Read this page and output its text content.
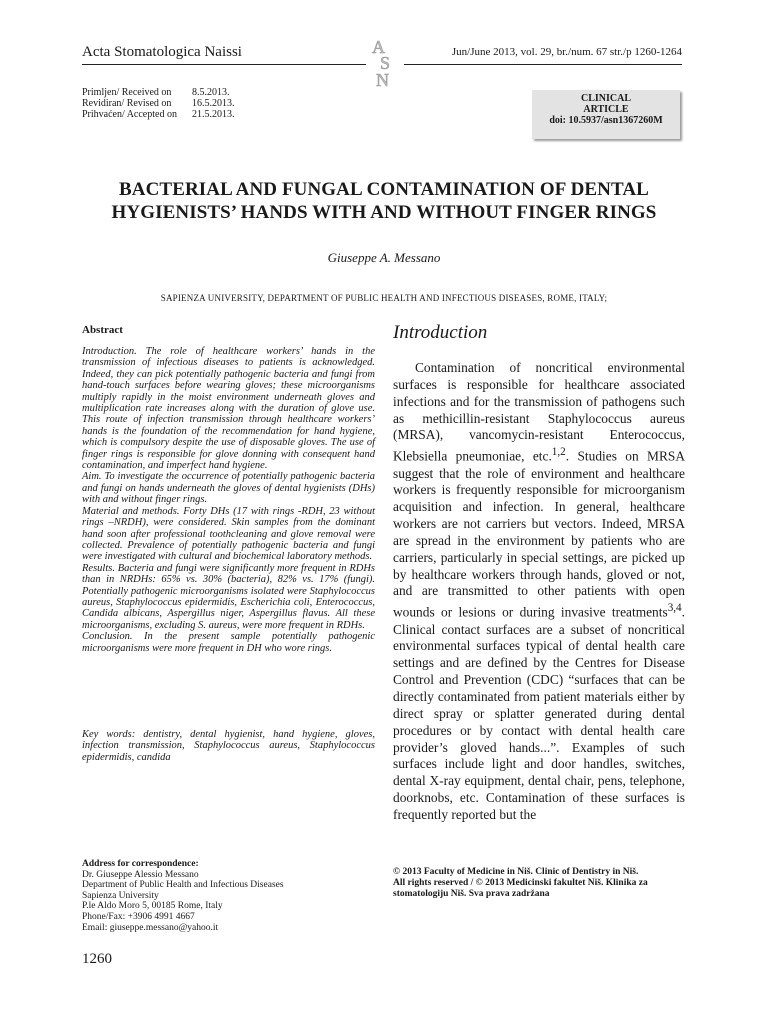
Acta Stomatologica Naissi	A
S
N
Jun/June 2013, vol. 29, br./num. 67 str./p 1260-1264
Primljen/ Received on 8.5.2013.
Revidiran/ Revised on 16.5.2013.
Prihvaćen/ Accepted on 21.5.2013.
CLINICAL
ARTICLE
doi: 10.5937/asn1367260M
BACTERIAL AND FUNGAL CONTAMINATION OF DENTAL
HYGIENISTS’ HANDS WITH AND WITHOUT FINGER RINGS
Giuseppe A. Messano
SAPIENZA UNIVERSITY, DEPARTMENT OF PUBLIC HEALTH AND INFECTIOUS DISEASES, ROME, ITALY;
Abstract

Introduction. The role of healthcare workers’ hands in the transmission of infectious diseases to patients is acknowledged. Indeed, they can pick potentially pathogenic bacteria and fungi from hand-touch surfaces before wearing gloves; these microorganisms multiply rapidly in the moist environment underneath gloves and multiplication rate increases along with the duration of glove use. This route of infection transmission through healthcare workers’ hands is the foundation of the recommendation for hand hygiene, which is compulsory despite the use of disposable gloves. The use of finger rings is responsible for glove donning with consequent hand contamination, and imperfect hand hygiene.

Aim. To investigate the occurrence of potentially pathogenic bacteria and fungi on hands underneath the gloves of dental hygienists (DHs) with and without finger rings.

Material and methods. Forty DHs (17 with rings -RDH, 23 without rings –NRDH), were considered. Skin samples from the dominant hand soon after professional toothcleaning and glove removal were collected. Prevalence of potentially pathogenic bacteria and fungi were investigated with cultural and biochemical laboratory methods.

Results. Bacteria and fungi were significantly more frequent in RDHs than in NRDHs: 65% vs. 30% (bacteria), 82% vs. 17% (fungi). Potentially pathogenic microorganisms isolated were Staphylococcus aureus, Staphylococcus epidermidis, Escherichia coli, Enterococcus, Candida albicans, Aspergillus niger, Aspergillus flavus. All these microorganisms, excluding S. aureus, were more frequent in RDHs.

Conclusion. In the present sample potentially pathogenic microorganisms were more frequent in DH who wore rings.

Key words: dentistry, dental hygienist, hand hygiene, gloves, infection transmission, Staphylococcus aureus, Staphylococcus epidermidis, candida
Introduction
Contamination of noncritical environmental surfaces is responsible for healthcare associated infections and for the transmission of pathogens such as methicillin-resistant Staphylococcus aureus (MRSA), vancomycin-resistant Enterococcus, Klebsiella pneumoniae, etc.$^{1,2}$. Studies on MRSA suggest that the role of environment and healthcare workers is frequently responsible for microorganism acquisition and infection. In general, healthcare workers are not carriers but vectors. Indeed, MRSA are spread in the environment by patients who are carriers, particularly in special settings, are picked up by healthcare workers through hands, gloved or not, and are transmitted to other patients with open wounds or lesions or during invasive treatments$^{3,4}$. Clinical contact surfaces are a subset of noncritical environmental surfaces typical of dental health care settings and are defined by the Centres for Disease Control and Prevention (CDC) “surfaces that can be directly contaminated from patient materials either by direct spray or splatter generated during dental procedures or by contact with dental health care provider’s gloved hands...”. Examples of such surfaces include light and door handles, switches, dental X-ray equipment, dental chair, pens, telephone, doorknobs, etc. Contamination of these surfaces is frequently reported but the
Address for correspondence:
Dr. Giuseppe Alessio Messano
Department of Public Health and Infectious Diseases
Sapienza University
P.le Aldo Moro 5, 00185 Rome, Italy
Phone/Fax: +3906 4991 4667
Email: giuseppe.messano@yahoo.it
© 2013 Faculty of Medicine in Niš. Clinic of Dentistry in Niš.
All rights reserved / © 2013 Medicinski fakultet Niš. Klinika za
stomatologiju Niš. Sva prava zadržana
1260
